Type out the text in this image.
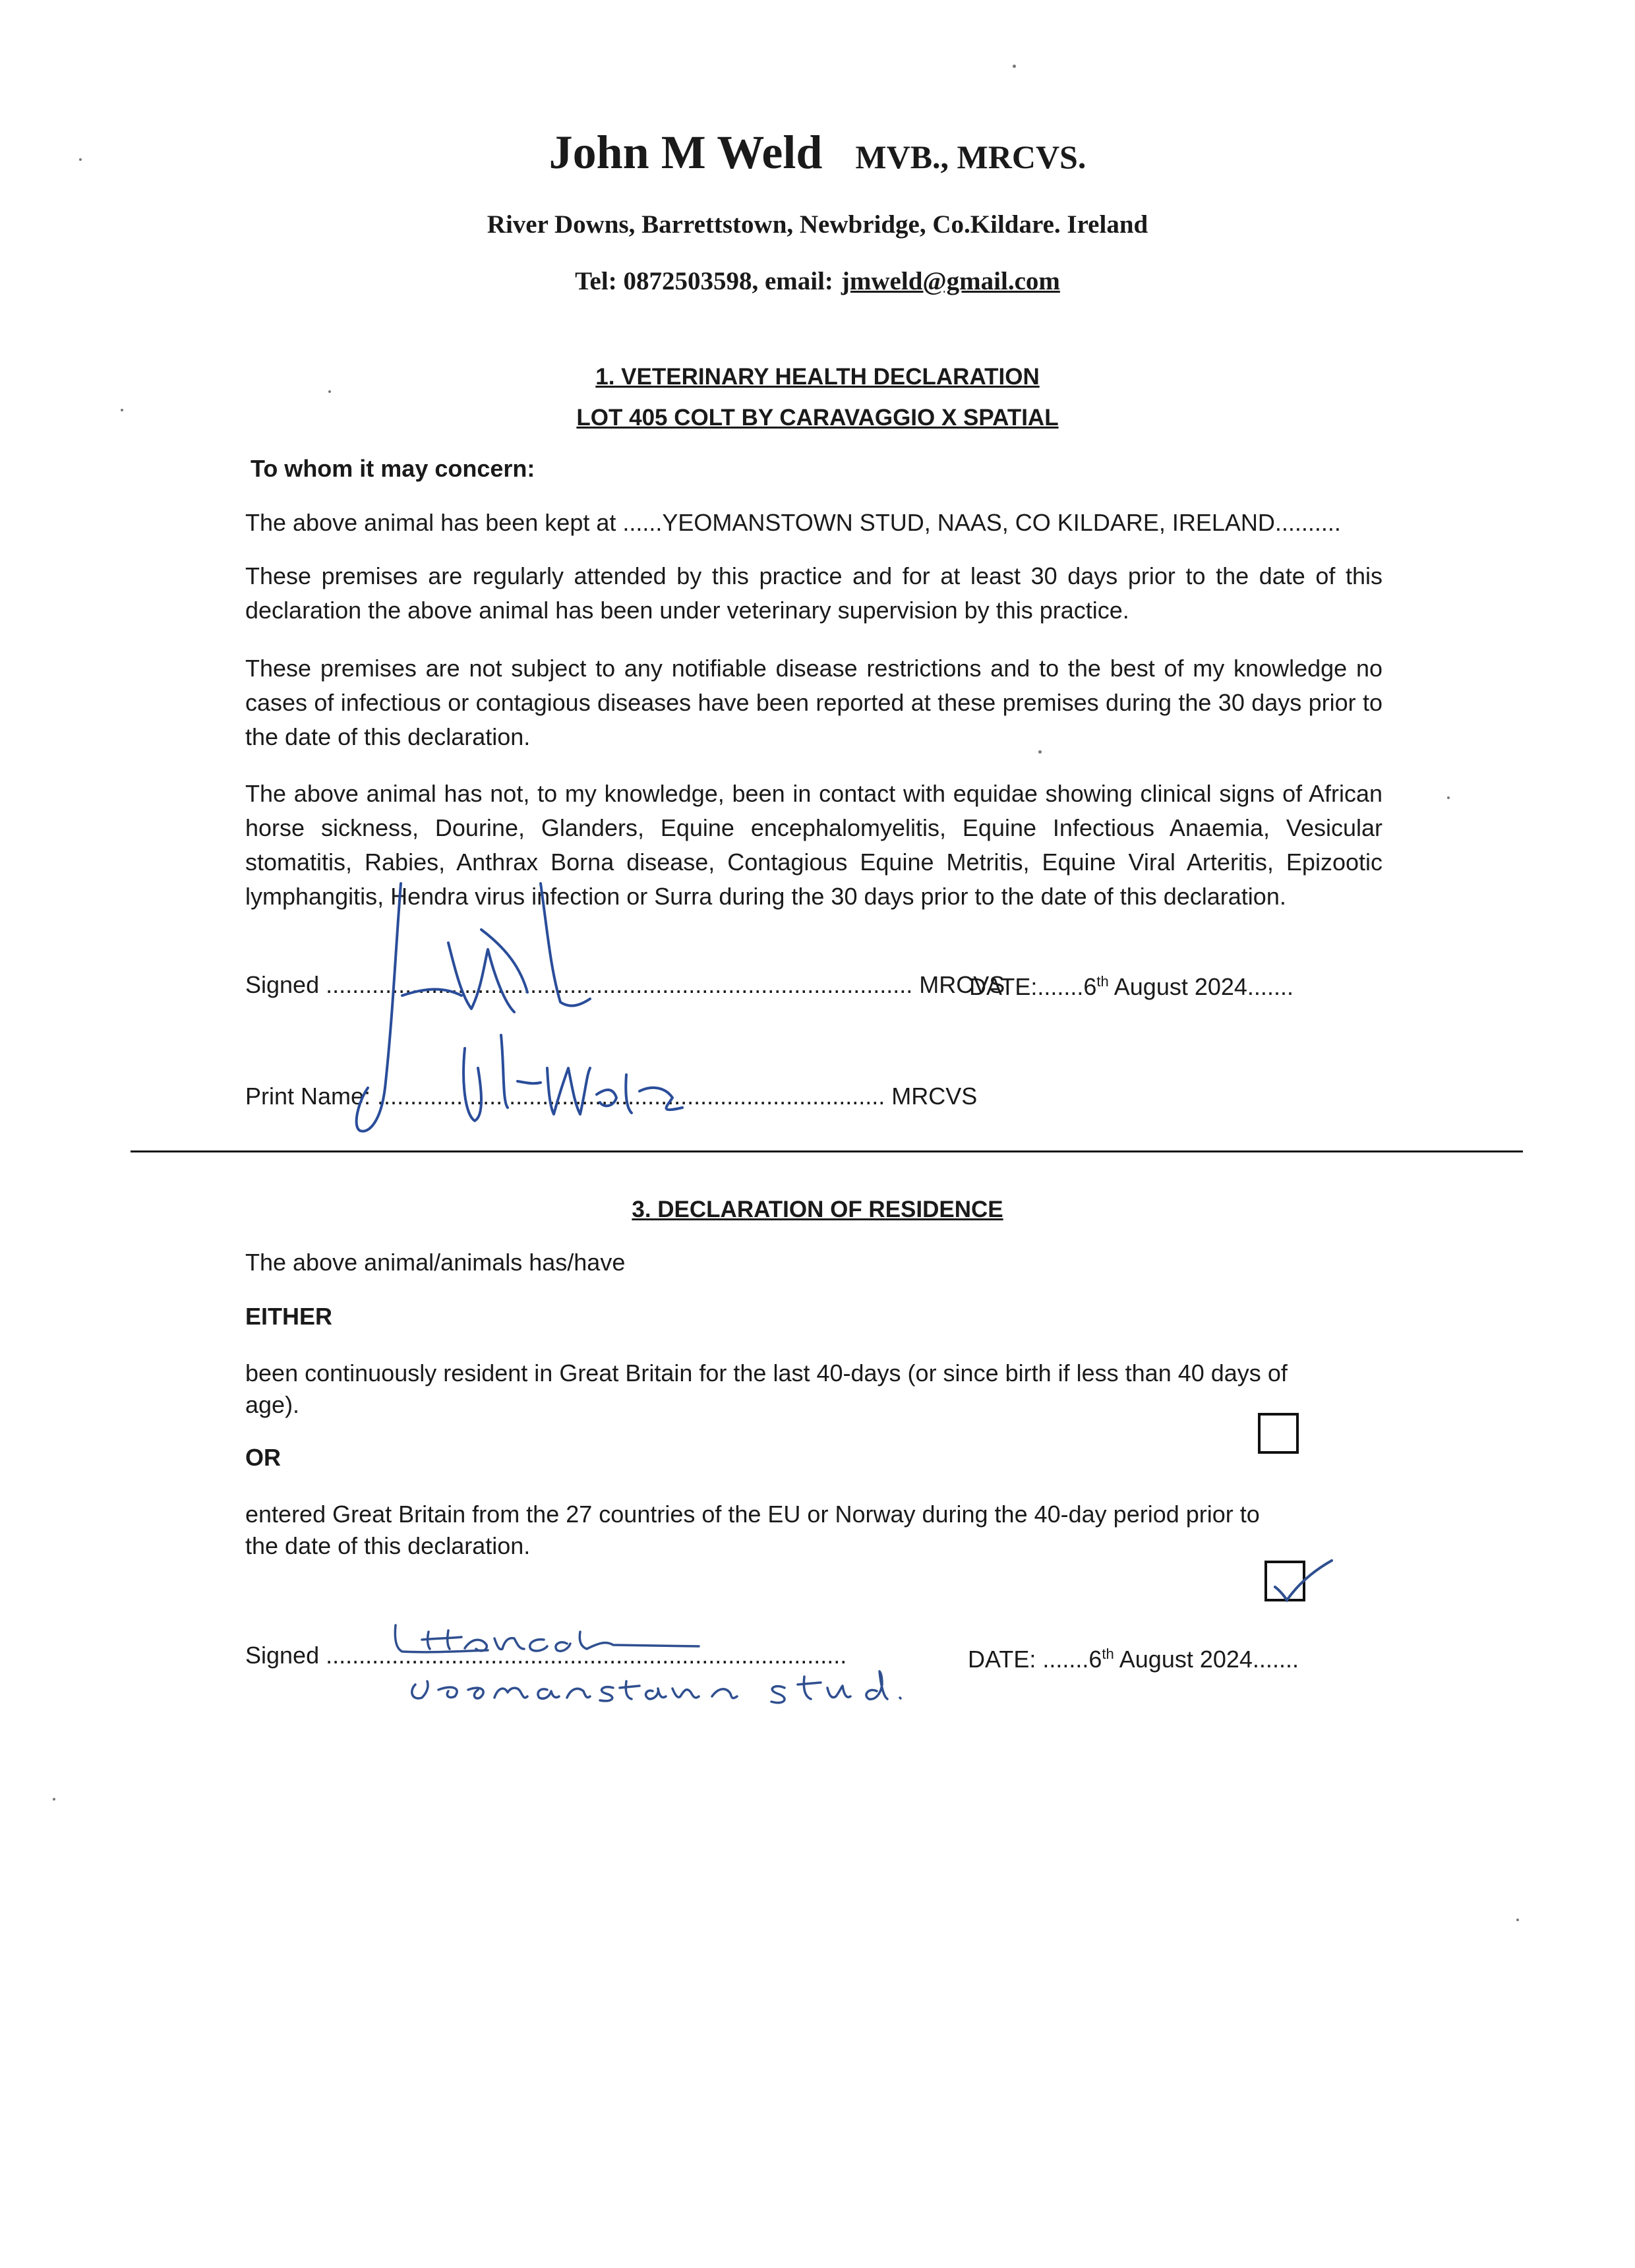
John M Weld MVB., MRCVS.
River Downs, Barrettstown, Newbridge, Co.Kildare. Ireland
Tel: 0872503598, email: jmweld@gmail.com
1. VETERINARY HEALTH DECLARATION
LOT 405 COLT BY CARAVAGGIO X SPATIAL
To whom it may concern:
The above animal has been kept at ......YEOMANSTOWN STUD, NAAS, CO KILDARE, IRELAND..........
These premises are regularly attended by this practice and for at least 30 days prior to the date of this declaration the above animal has been under veterinary supervision by this practice.
These premises are not subject to any notifiable disease restrictions and to the best of my knowledge no cases of infectious or contagious diseases have been reported at these premises during the 30 days prior to the date of this declaration.
The above animal has not, to my knowledge, been in contact with equidae showing clinical signs of African horse sickness, Dourine, Glanders, Equine encephalomyelitis, Equine Infectious Anaemia, Vesicular stomatitis, Rabies, Anthrax Borna disease, Contagious Equine Metritis, Equine Viral Arteritis, Epizootic lymphangitis, Hendra virus infection or Surra during the 30 days prior to the date of this declaration.
Signed ......................................................................................... MRCVS
DATE:.......6th August 2024.......
Print Name: ............................................................................. MRCVS
3. DECLARATION OF RESIDENCE
The above animal/animals has/have
EITHER
been continuously resident in Great Britain for the last 40-days (or since birth if less than 40 days of
age).
OR
entered Great Britain from the 27 countries of the EU or Norway during the 40-day period prior to
the date of this declaration.
Signed ...............................................................................	DATE: .......6th August 2024.......
